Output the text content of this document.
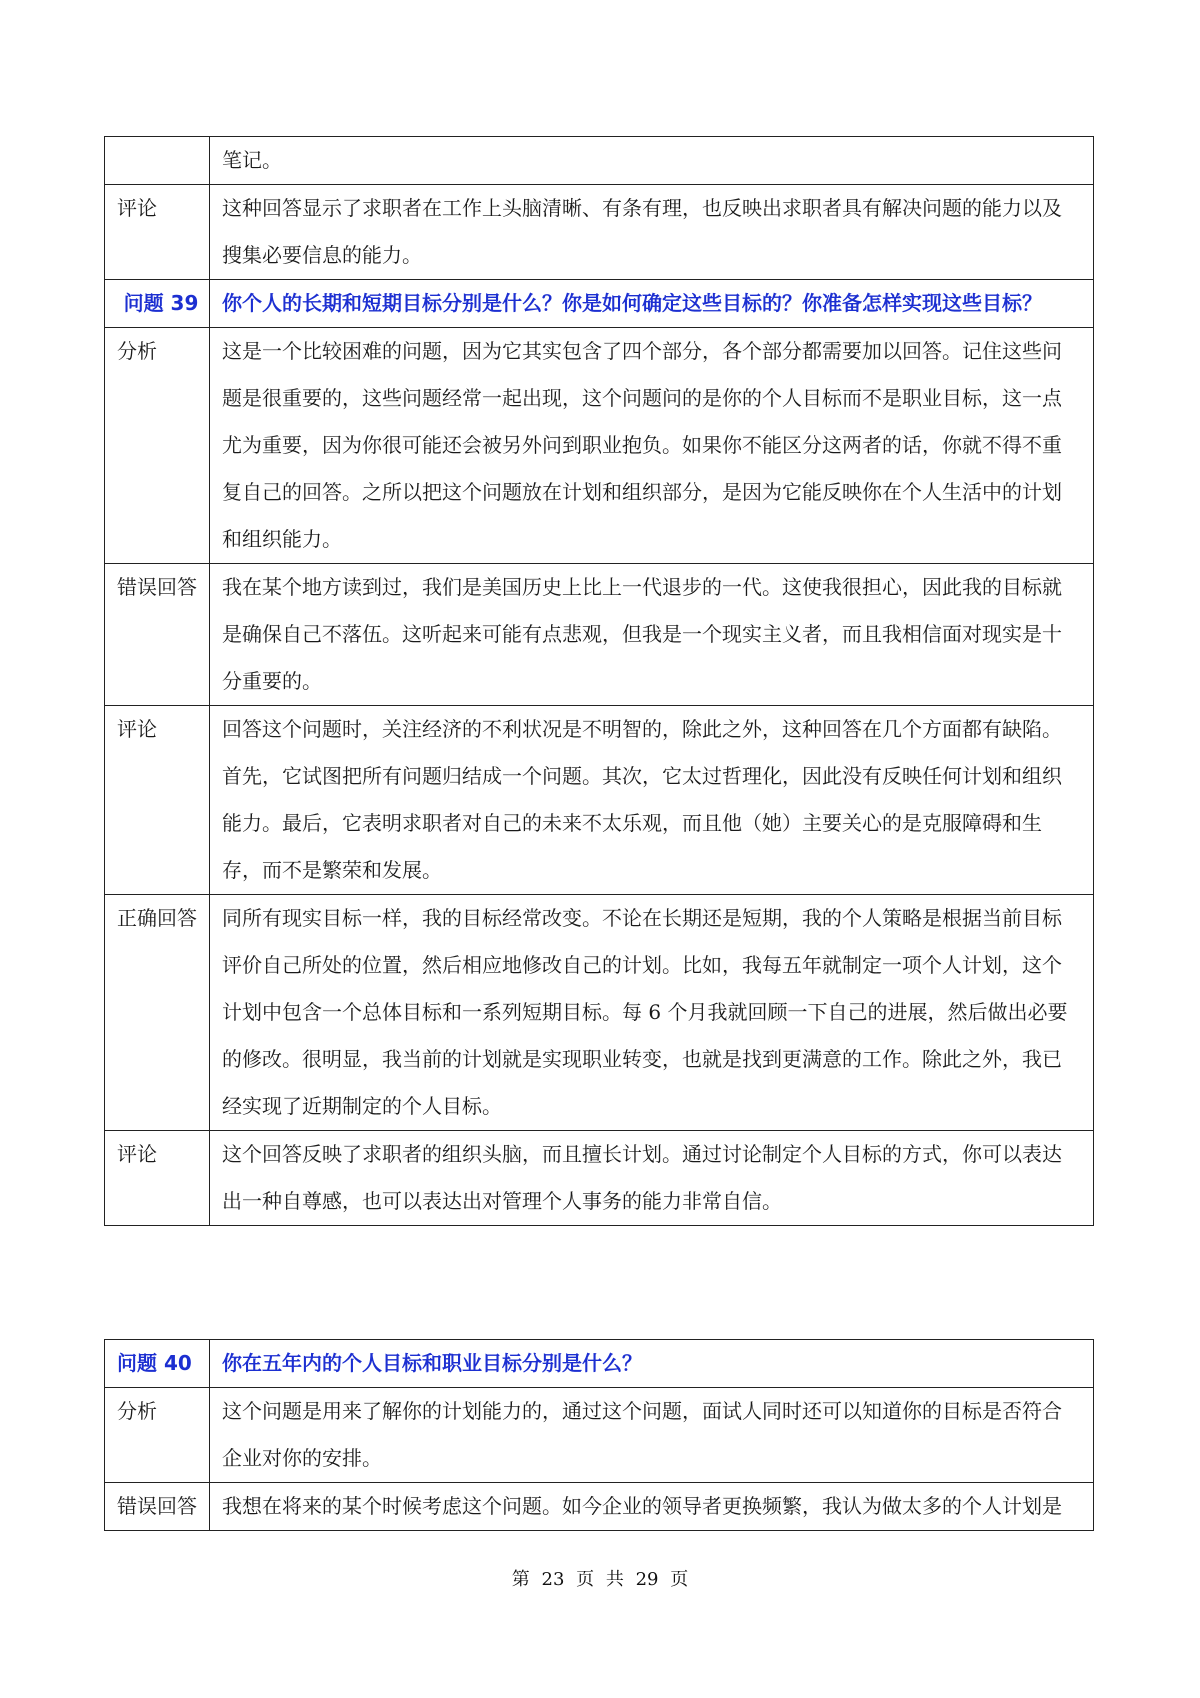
	笔记。
评论	这种回答显示了求职者在工作上头脑清晰、有条有理，也反映出求职者具有解决问题的能力以及搜集必要信息的能力。
问题 39	你个人的长期和短期目标分别是什么？你是如何确定这些目标的？你准备怎样实现这些目标？
分析	这是一个比较困难的问题，因为它其实包含了四个部分，各个部分都需要加以回答。记住这些问题是很重要的，这些问题经常一起出现，这个问题问的是你的个人目标而不是职业目标，这一点尤为重要，因为你很可能还会被另外问到职业抱负。如果你不能区分这两者的话，你就不得不重复自己的回答。之所以把这个问题放在计划和组织部分，是因为它能反映你在个人生活中的计划和组织能力。
错误回答	我在某个地方读到过，我们是美国历史上比上一代退步的一代。这使我很担心，因此我的目标就是确保自己不落伍。这听起来可能有点悲观，但我是一个现实主义者，而且我相信面对现实是十分重要的。
评论	回答这个问题时，关注经济的不利状况是不明智的，除此之外，这种回答在几个方面都有缺陷。首先，它试图把所有问题归结成一个问题。其次，它太过哲理化，因此没有反映任何计划和组织能力。最后，它表明求职者对自己的未来不太乐观，而且他（她）主要关心的是克服障碍和生存，而不是繁荣和发展。
正确回答	同所有现实目标一样，我的目标经常改变。不论在长期还是短期，我的个人策略是根据当前目标评价自己所处的位置，然后相应地修改自己的计划。比如，我每五年就制定一项个人计划，这个计划中包含一个总体目标和一系列短期目标。每 6 个月我就回顾一下自己的进展，然后做出必要的修改。很明显，我当前的计划就是实现职业转变，也就是找到更满意的工作。除此之外，我已经实现了近期制定的个人目标。
评论	这个回答反映了求职者的组织头脑，而且擅长计划。通过讨论制定个人目标的方式，你可以表达出一种自尊感，也可以表达出对管理个人事务的能力非常自信。
问题 40	你在五年内的个人目标和职业目标分别是什么？
分析	这个问题是用来了解你的计划能力的，通过这个问题，面试人同时还可以知道你的目标是否符合企业对你的安排。
错误回答	我想在将来的某个时候考虑这个问题。如今企业的领导者更换频繁，我认为做太多的个人计划是
第 23 页 共 29 页
